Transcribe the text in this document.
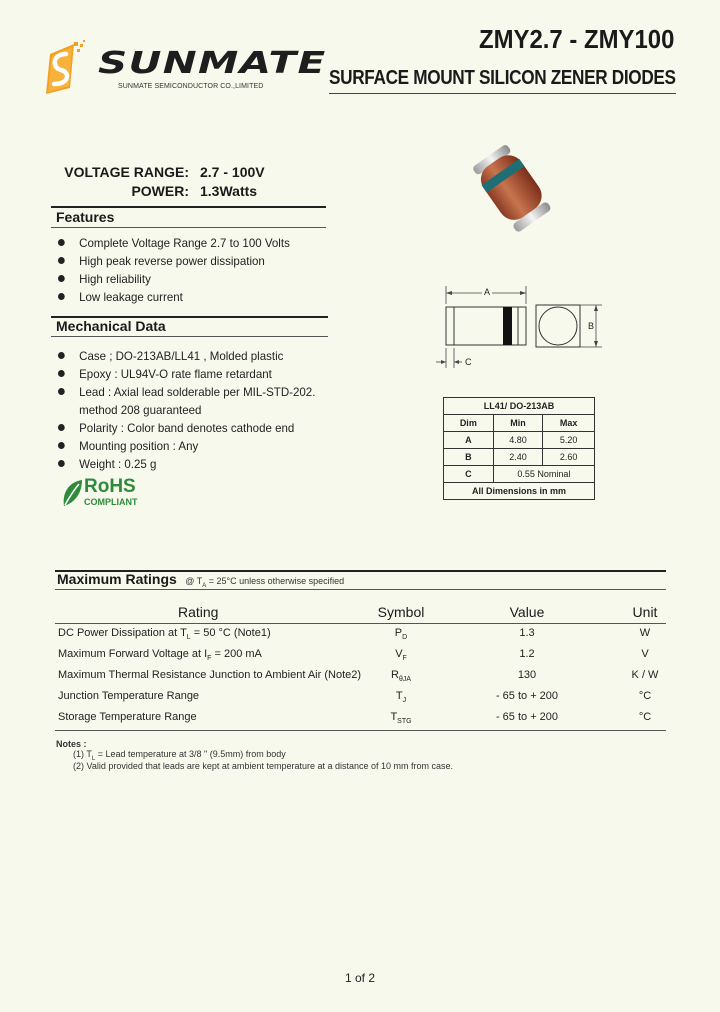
SUNMATE
SUNMATE SEMICONDUCTOR CO.,LIMITED
ZMY2.7 - ZMY100
SURFACE MOUNT SILICON ZENER DIODES
VOLTAGE RANGE: 2.7 - 100V
POWER: 1.3Watts
Features
Complete Voltage Range 2.7 to 100 Volts
High peak reverse power dissipation
High reliability
Low leakage current
Mechanical Data
Case ; DO-213AB/LL41 , Molded plastic
Epoxy : UL94V-O rate flame retardant
Lead : Axial lead solderable per MIL-STD-202.
method 208 guaranteed
Polarity : Color band denotes cathode end
Mounting position : Any
Weight : 0.25 g
RoHS
COMPLIANT
A
B
C
LL41/ DO-213AB		
Dim	Min	Max
A	4.80	5.20
B	2.40	2.60
C	0.55 Nominal	
All Dimensions in mm		
Maximum Ratings @ $T_A = 25^\circ C$ unless otherwise specified
Rating	Symbol	Value	Unit
DC Power Dissipation at $T_L = 50$ °C (Note1)	$P_D$	1.3	W
Maximum Forward Voltage at $I_F = 200$ mA	$V_F$	1.2	V
Maximum Thermal Resistance Junction to Ambient Air (Note2)	$R_{\theta JA}$	130	K / W
Junction Temperature Range	$T_J$	- 65 to + 200	°C
Storage Temperature Range	$T_{STG}$	- 65 to + 200	°C
Notes :
(1) $T_L$ = Lead temperature at 3/8 " (9.5mm) from body
(2) Valid provided that leads are kept at ambient temperature at a distance of 10 mm from case.
1 of 2
